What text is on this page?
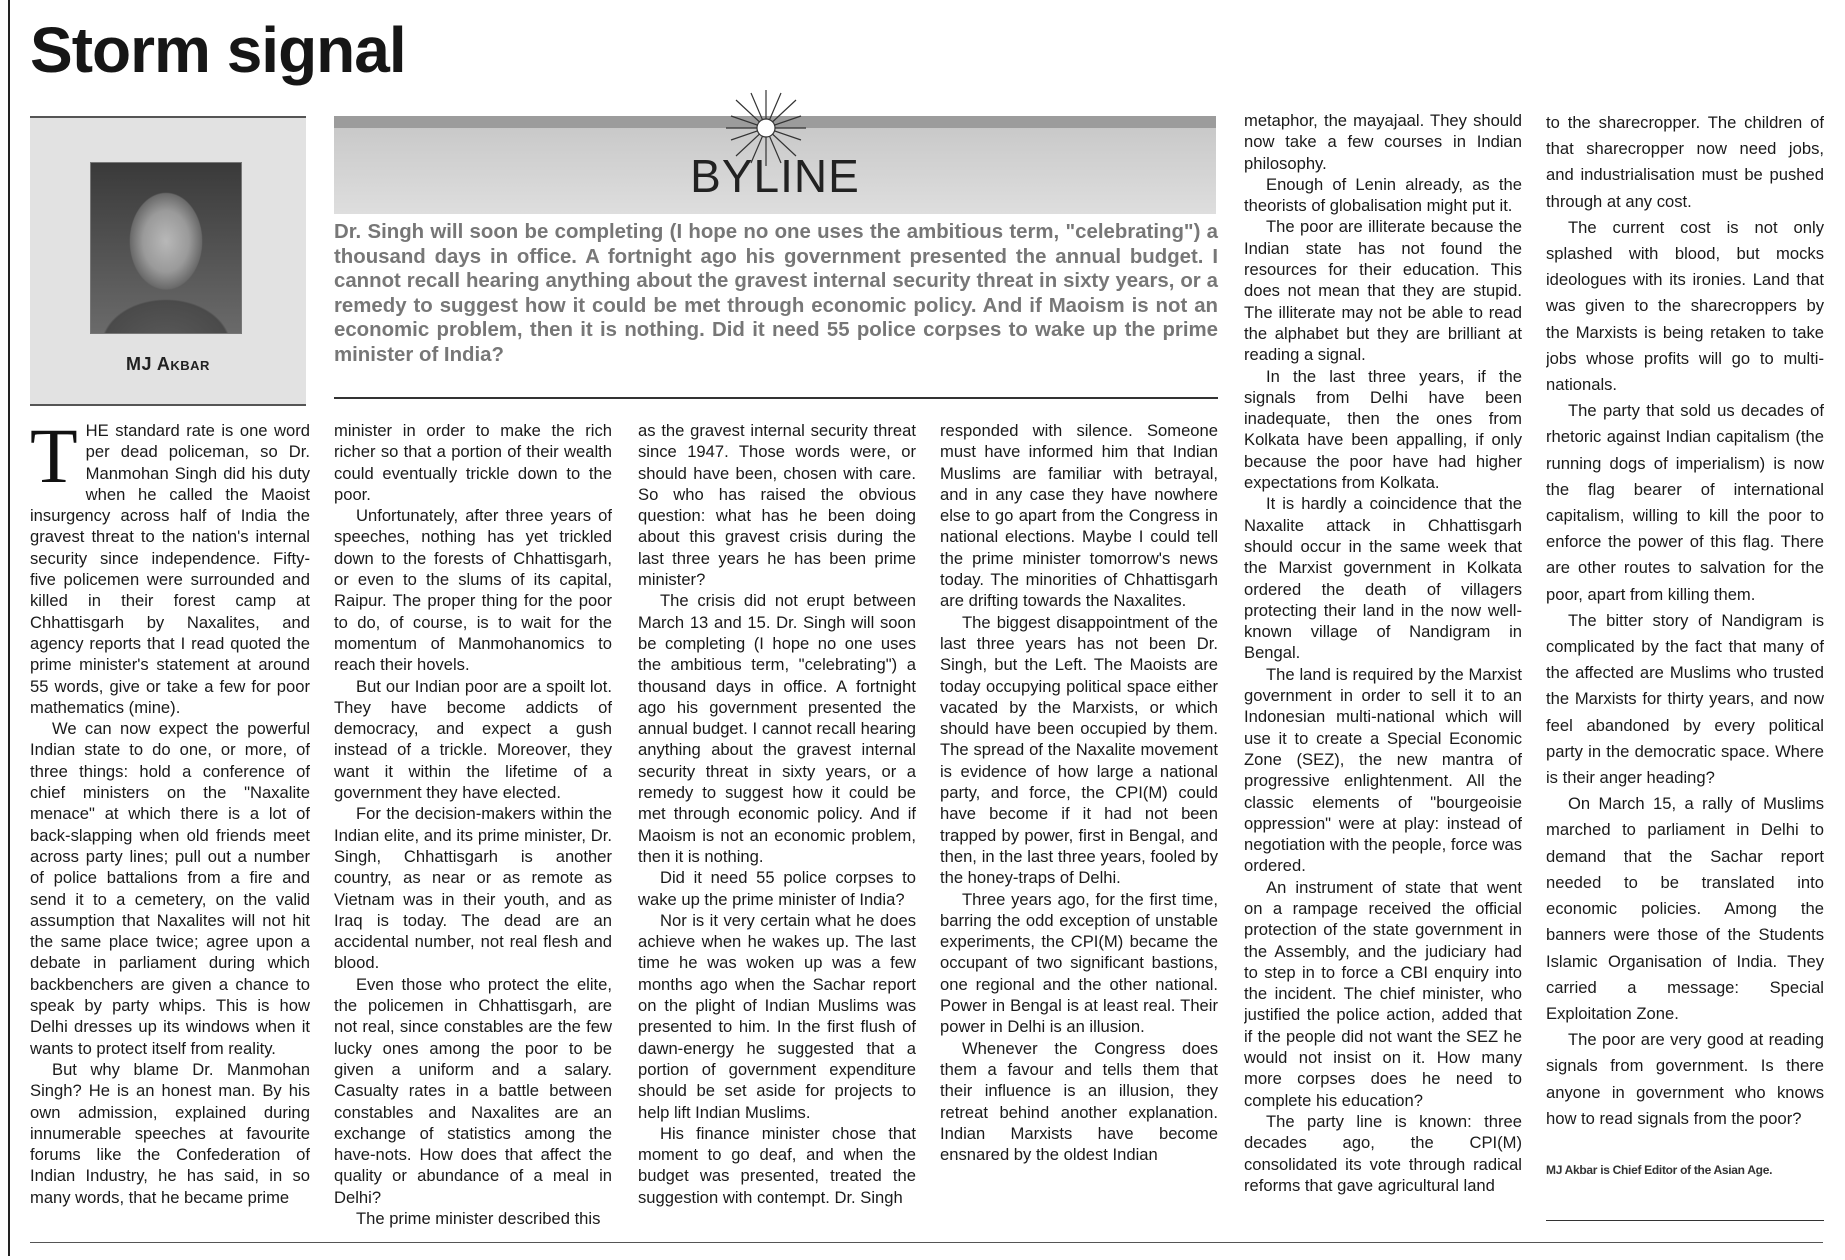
Storm signal
MJ Akbar
BYLINE

Dr. Singh will soon be completing (I hope no one uses the ambitious term, "celebrating") a thousand days in office. A fortnight ago his government presented the annual budget. I cannot recall hearing anything about the gravest internal security threat in sixty years, or a remedy to suggest how it could be met through economic policy. And if Maoism is not an economic problem, then it is nothing. Did it need 55 police corpses to wake up the prime minister of India?

THE standard rate is one word per dead policeman, so Dr. Manmohan Singh did his duty when he called the Maoist insurgency across half of India the gravest threat to the nation's internal security since independence. Fifty-five policemen were surrounded and killed in their forest camp at Chhattisgarh by Naxalites, and agency reports that I read quoted the prime minister's statement at around 55 words, give or take a few for poor mathematics (mine).

We can now expect the powerful Indian state to do one, or more, of three things: hold a conference of chief ministers on the "Naxalite menace" at which there is a lot of back-slapping when old friends meet across party lines; pull out a number of police battalions from a fire and send it to a cemetery, on the valid assumption that Naxalites will not hit the same place twice; agree upon a debate in parliament during which backbenchers are given a chance to speak by party whips. This is how Delhi dresses up its windows when it wants to protect itself from reality.

But why blame Dr. Manmohan Singh? He is an honest man. By his own admission, explained during innumerable speeches at favourite forums like the Confederation of Indian Industry, he has said, in so many words, that he became prime

minister in order to make the rich richer so that a portion of their wealth could eventually trickle down to the poor.

Unfortunately, after three years of speeches, nothing has yet trickled down to the forests of Chhattisgarh, or even to the slums of its capital, Raipur. The proper thing for the poor to do, of course, is to wait for the momentum of Manmohanomics to reach their hovels.

But our Indian poor are a spoilt lot. They have become addicts of democracy, and expect a gush instead of a trickle. Moreover, they want it within the lifetime of a government they have elected.

For the decision-makers within the Indian elite, and its prime minister, Dr. Singh, Chhattisgarh is another country, as near or as remote as Vietnam was in their youth, and as Iraq is today. The dead are an accidental number, not real flesh and blood.

Even those who protect the elite, the policemen in Chhattisgarh, are not real, since constables are the few lucky ones among the poor to be given a uniform and a salary. Casualty rates in a battle between constables and Naxalites are an exchange of statistics among the have-nots. How does that affect the quality or abundance of a meal in Delhi?

The prime minister described this

as the gravest internal security threat since 1947. Those words were, or should have been, chosen with care. So who has raised the obvious question: what has he been doing about this gravest crisis during the last three years he has been prime minister?

The crisis did not erupt between March 13 and 15. Dr. Singh will soon be completing (I hope no one uses the ambitious term, "celebrating") a thousand days in office. A fortnight ago his government presented the annual budget. I cannot recall hearing anything about the gravest internal security threat in sixty years, or a remedy to suggest how it could be met through economic policy. And if Maoism is not an economic problem, then it is nothing.

Did it need 55 police corpses to wake up the prime minister of India?

Nor is it very certain what he does achieve when he wakes up. The last time he was woken up was a few months ago when the Sachar report on the plight of Indian Muslims was presented to him. In the first flush of dawn-energy he suggested that a portion of government expenditure should be set aside for projects to help lift Indian Muslims.

His finance minister chose that moment to go deaf, and when the budget was presented, treated the suggestion with contempt. Dr. Singh

responded with silence. Someone must have informed him that Indian Muslims are familiar with betrayal, and in any case they have nowhere else to go apart from the Congress in national elections. Maybe I could tell the prime minister tomorrow's news today. The minorities of Chhattisgarh are drifting towards the Naxalites.

The biggest disappointment of the last three years has not been Dr. Singh, but the Left. The Maoists are today occupying political space either vacated by the Marxists, or which should have been occupied by them. The spread of the Naxalite movement is evidence of how large a national party, and force, the CPI(M) could have become if it had not been trapped by power, first in Bengal, and then, in the last three years, fooled by the honey-traps of Delhi.

Three years ago, for the first time, barring the odd exception of unstable experiments, the CPI(M) became the occupant of two significant bastions, one regional and the other national. Power in Bengal is at least real. Their power in Delhi is an illusion.

Whenever the Congress does them a favour and tells them that their influence is an illusion, they retreat behind another explanation. Indian Marxists have become ensnared by the oldest Indian

metaphor, the mayajaal. They should now take a few courses in Indian philosophy.

Enough of Lenin already, as the theorists of globalisation might put it.

The poor are illiterate because the Indian state has not found the resources for their education. This does not mean that they are stupid. The illiterate may not be able to read the alphabet but they are brilliant at reading a signal.

In the last three years, if the signals from Delhi have been inadequate, then the ones from Kolkata have been appalling, if only because the poor have had higher expectations from Kolkata.

It is hardly a coincidence that the Naxalite attack in Chhattisgarh should occur in the same week that the Marxist government in Kolkata ordered the death of villagers protecting their land in the now well-known village of Nandigram in Bengal.

The land is required by the Marxist government in order to sell it to an Indonesian multi-national which will use it to create a Special Economic Zone (SEZ), the new mantra of progressive enlightenment. All the classic elements of "bourgeoisie oppression" were at play: instead of negotiation with the people, force was ordered.

An instrument of state that went on a rampage received the official protection of the state government in the Assembly, and the judiciary had to step in to force a CBI enquiry into the incident. The chief minister, who justified the police action, added that if the people did not want the SEZ he would not insist on it. How many more corpses does he need to complete his education?

The party line is known: three decades ago, the CPI(M) consolidated its vote through radical reforms that gave agricultural land

to the sharecropper. The children of that sharecropper now need jobs, and industrialisation must be pushed through at any cost.

The current cost is not only splashed with blood, but mocks ideologues with its ironies. Land that was given to the sharecroppers by the Marxists is being retaken to take jobs whose profits will go to multi-nationals.

The party that sold us decades of rhetoric against Indian capitalism (the running dogs of imperialism) is now the flag bearer of international capitalism, willing to kill the poor to enforce the power of this flag. There are other routes to salvation for the poor, apart from killing them.

The bitter story of Nandigram is complicated by the fact that many of the affected are Muslims who trusted the Marxists for thirty years, and now feel abandoned by every political party in the democratic space. Where is their anger heading?

On March 15, a rally of Muslims marched to parliament in Delhi to demand that the Sachar report needed to be translated into economic policies. Among the banners were those of the Students Islamic Organisation of India. They carried a message: Special Exploitation Zone.

The poor are very good at reading signals from government. Is there anyone in government who knows how to read signals from the poor?

MJ Akbar is Chief Editor of the Asian Age.
